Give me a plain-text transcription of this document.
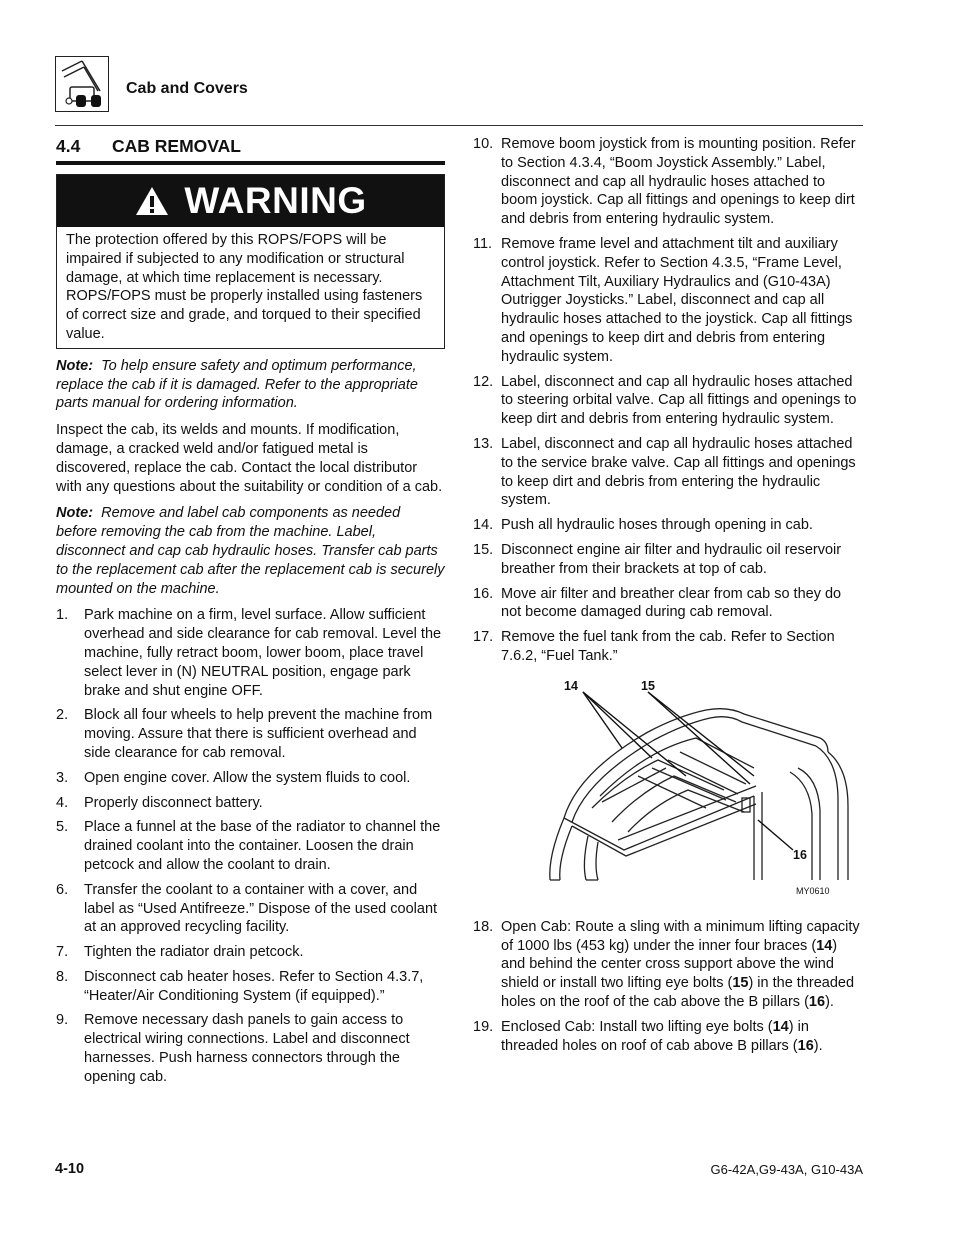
Cab and Covers
4.4 CAB REMOVAL
WARNING
The protection offered by this ROPS/FOPS will be impaired if subjected to any modification or structural damage, at which time replacement is necessary. ROPS/FOPS must be properly installed using fasteners of correct size and grade, and torqued to their specified value.

Note: To help ensure safety and optimum performance, replace the cab if it is damaged. Refer to the appropriate parts manual for ordering information.

Inspect the cab, its welds and mounts. If modification, damage, a cracked weld and/or fatigued metal is discovered, replace the cab. Contact the local distributor with any questions about the suitability or condition of a cab.

Note: Remove and label cab components as needed before removing the cab from the machine. Label, disconnect and cap cab hydraulic hoses. Transfer cab parts to the replacement cab after the replacement cab is securely mounted on the machine.

1.	Park machine on a firm, level surface. Allow sufficient overhead and side clearance for cab removal. Level the machine, fully retract boom, lower boom, place travel select lever in (N) NEUTRAL position, engage park brake and shut engine OFF.
2.	Block all four wheels to help prevent the machine from moving. Assure that there is sufficient overhead and side clearance for cab removal.
3.	Open engine cover. Allow the system fluids to cool.
4.	Properly disconnect battery.
5.	Place a funnel at the base of the radiator to channel the drained coolant into the container. Loosen the drain petcock and allow the coolant to drain.
6.	Transfer the coolant to a container with a cover, and label as “Used Antifreeze.” Dispose of the used coolant at an approved recycling facility.
7.	Tighten the radiator drain petcock.
8.	Disconnect cab heater hoses. Refer to Section 4.3.7, “Heater/Air Conditioning System (if equipped).”
9.	Remove necessary dash panels to gain access to electrical wiring connections. Label and disconnect harnesses. Push harness connectors through the opening cab.
10. Remove boom joystick from is mounting position. Refer to Section 4.3.4, “Boom Joystick Assembly.” Label, disconnect and cap all hydraulic hoses attached to boom joystick. Cap all fittings and openings to keep dirt and debris from entering hydraulic system.
11. Remove frame level and attachment tilt and auxiliary control joystick. Refer to Section 4.3.5, “Frame Level, Attachment Tilt, Auxiliary Hydraulics and (G10-43A) Outrigger Joysticks.” Label, disconnect and cap all hydraulic hoses attached to the joystick. Cap all fittings and openings to keep dirt and debris from entering hydraulic system.
12. Label, disconnect and cap all hydraulic hoses attached to steering orbital valve. Cap all fittings and openings to keep dirt and debris from entering hydraulic system.
13. Label, disconnect and cap all hydraulic hoses attached to the service brake valve. Cap all fittings and openings to keep dirt and debris from entering the hydraulic system.
14. Push all hydraulic hoses through opening in cab.
15. Disconnect engine air filter and hydraulic oil reservoir breather from their brackets at top of cab.
16. Move air filter and breather clear from cab so they do not become damaged during cab removal.
17. Remove the fuel tank from the cab. Refer to Section 7.6.2, “Fuel Tank.”
14	15
16
MY0610
18. Open Cab: Route a sling with a minimum lifting capacity of 1000 lbs (453 kg) under the inner four braces (14) and behind the center cross support above the wind shield or install two lifting eye bolts (15) in the threaded holes on the roof of the cab above the B pillars (16).
19. Enclosed Cab: Install two lifting eye bolts (14) in threaded holes on roof of cab above B pillars (16).
4-10	G6-42A,G9-43A, G10-43A
